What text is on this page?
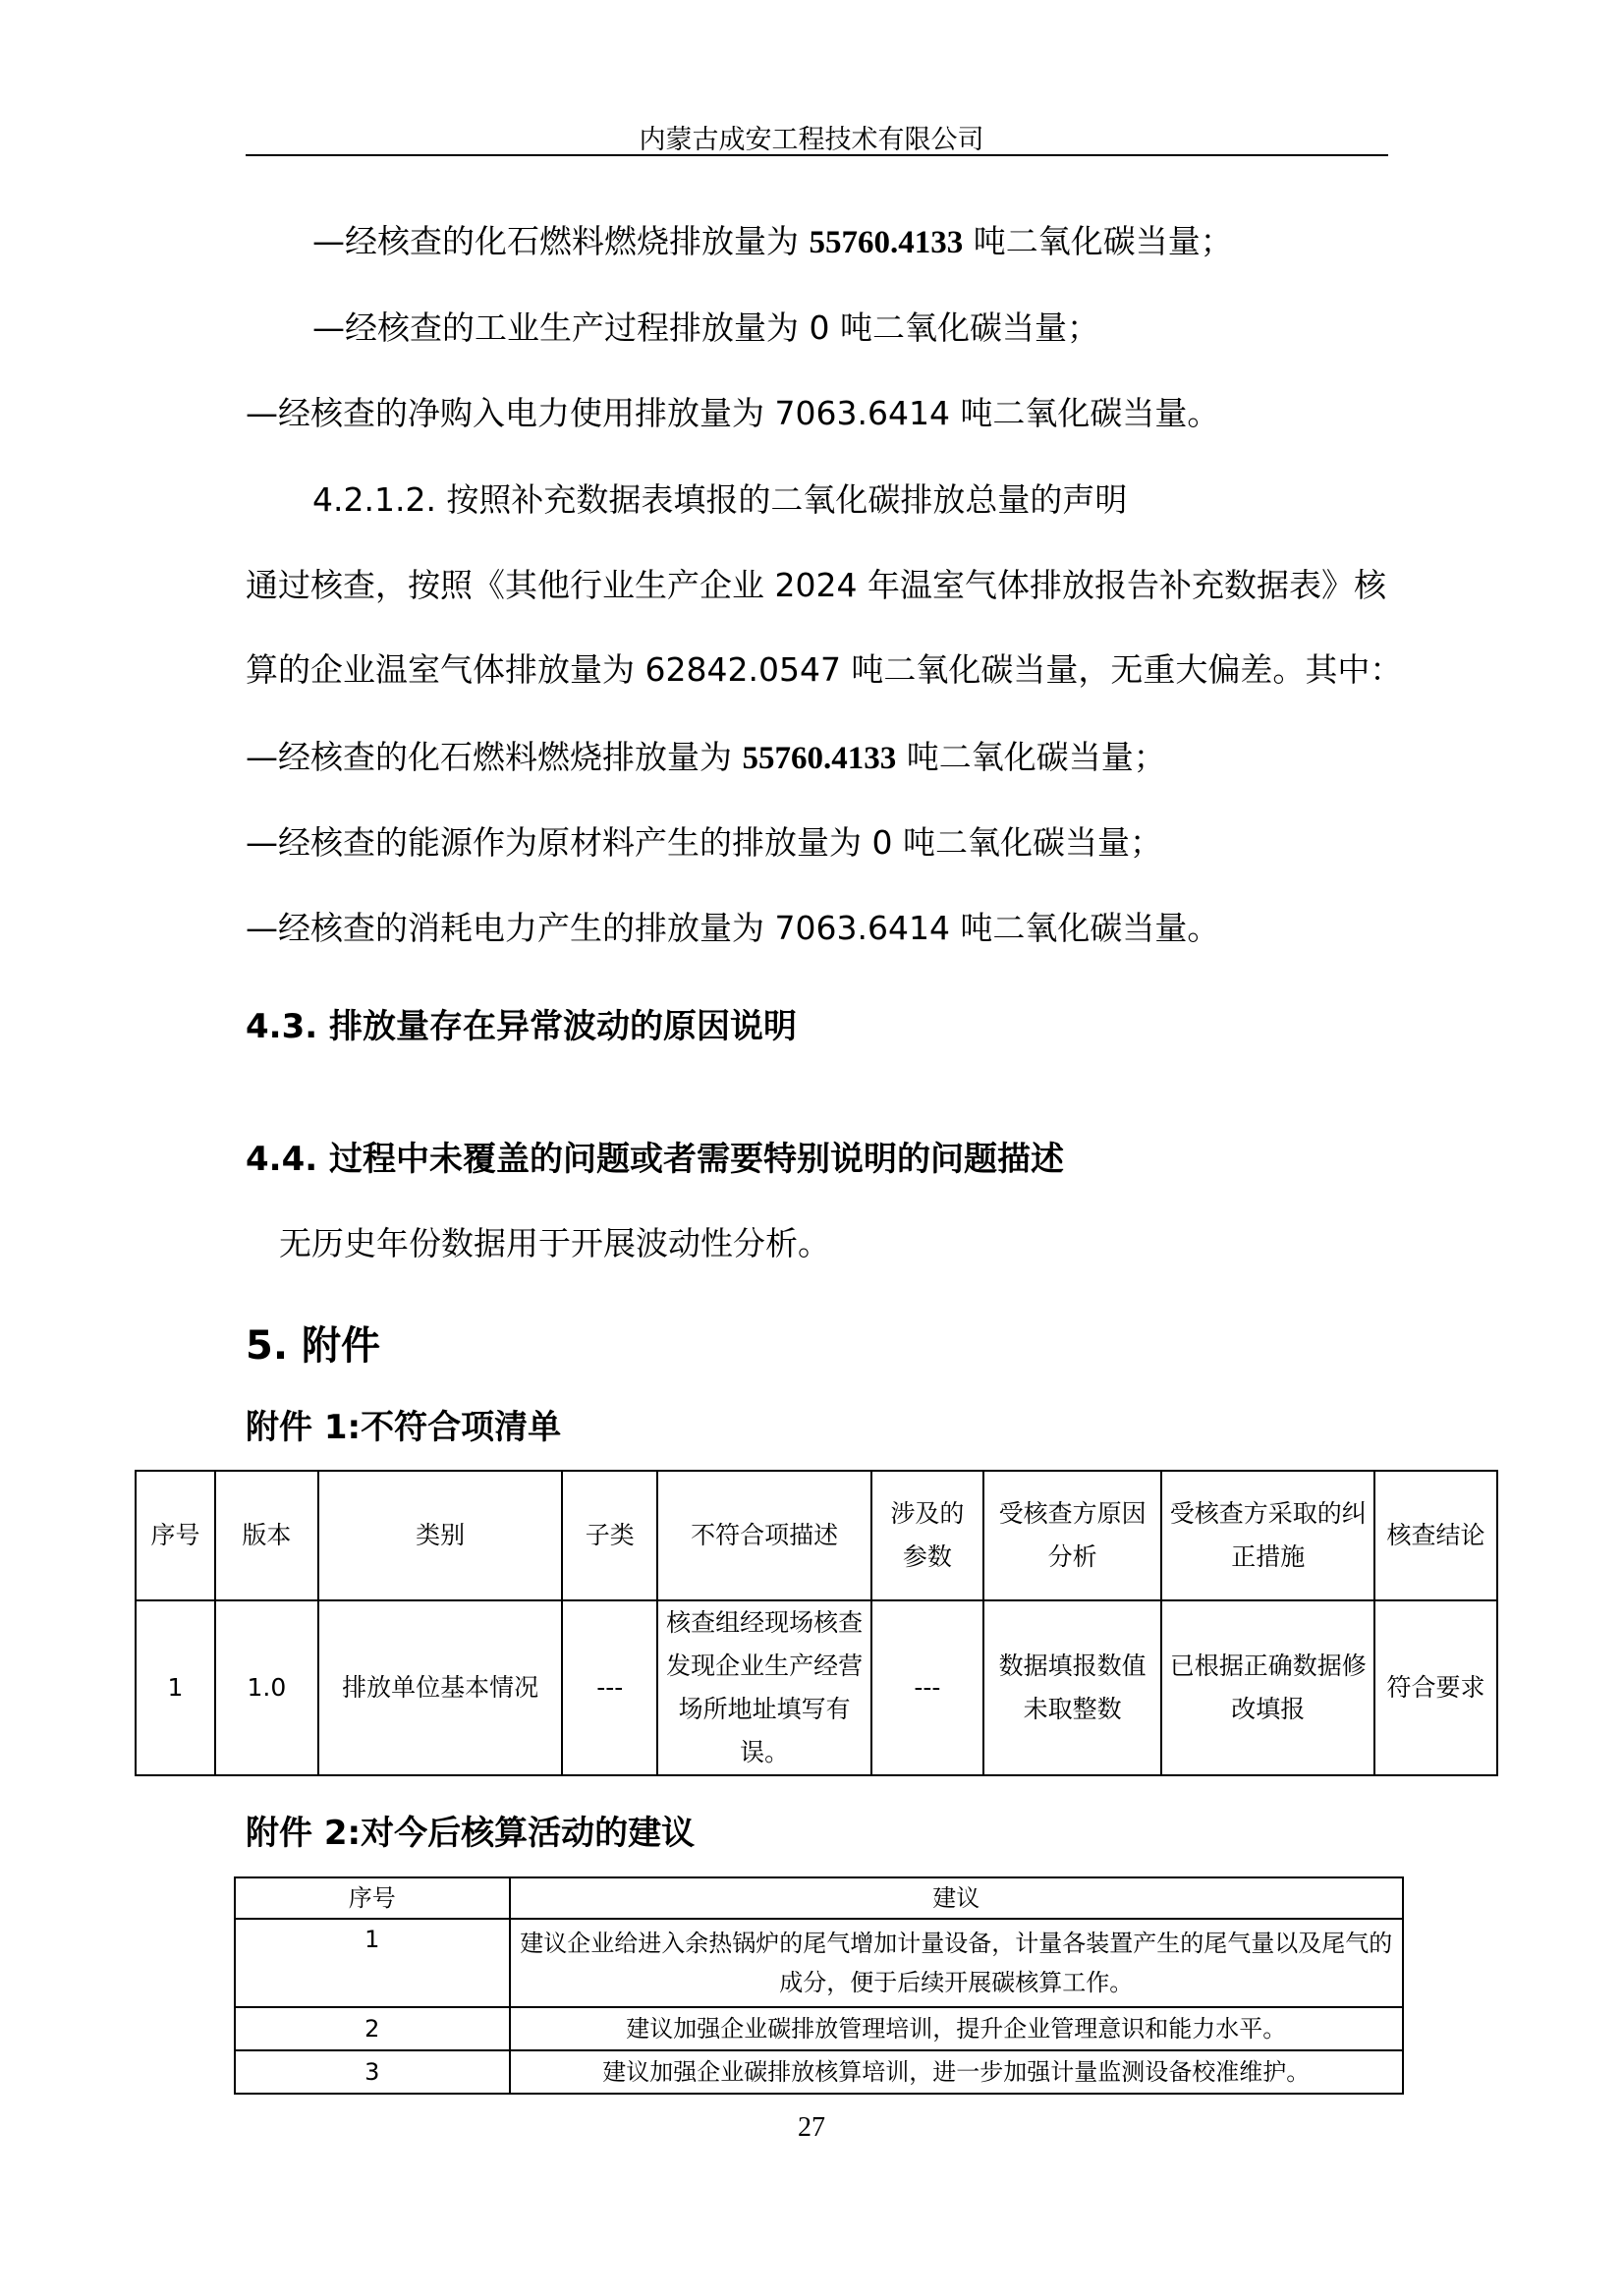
内蒙古成安工程技术有限公司
—经核查的化石燃料燃烧排放量为 55760.4133 吨二氧化碳当量；
—经核查的工业生产过程排放量为 0 吨二氧化碳当量；
—经核查的净购入电力使用排放量为 7063.6414 吨二氧化碳当量。
4.2.1.2. 按照补充数据表填报的二氧化碳排放总量的声明
通过核查，按照《其他行业生产企业 2024 年温室气体排放报告补充数据表》核
算的企业温室气体排放量为 62842.0547 吨二氧化碳当量，无重大偏差。其中：
—经核查的化石燃料燃烧排放量为 55760.4133 吨二氧化碳当量；
—经核查的能源作为原材料产生的排放量为 0 吨二氧化碳当量；
—经核查的消耗电力产生的排放量为 7063.6414 吨二氧化碳当量。
4.3. 排放量存在异常波动的原因说明
4.4. 过程中未覆盖的问题或者需要特别说明的问题描述
无历史年份数据用于开展波动性分析。
5. 附件
附件 1:不符合项清单
序号	版本	类别	子类	不符合项描述	涉及的参数	受核查方原因分析	受核查方采取的纠正措施	核查结论
1	1.0	排放单位基本情况	---	核查组经现场核查发现企业生产经营场所地址填写有误。	---	数据填报数值未取整数	已根据正确数据修改填报	符合要求
附件 2:对今后核算活动的建议
序号	建议
1	建议企业给进入余热锅炉的尾气增加计量设备，计量各装置产生的尾气量以及尾气的成分，便于后续开展碳核算工作。
2	建议加强企业碳排放管理培训，提升企业管理意识和能力水平。
3	建议加强企业碳排放核算培训，进一步加强计量监测设备校准维护。
27
